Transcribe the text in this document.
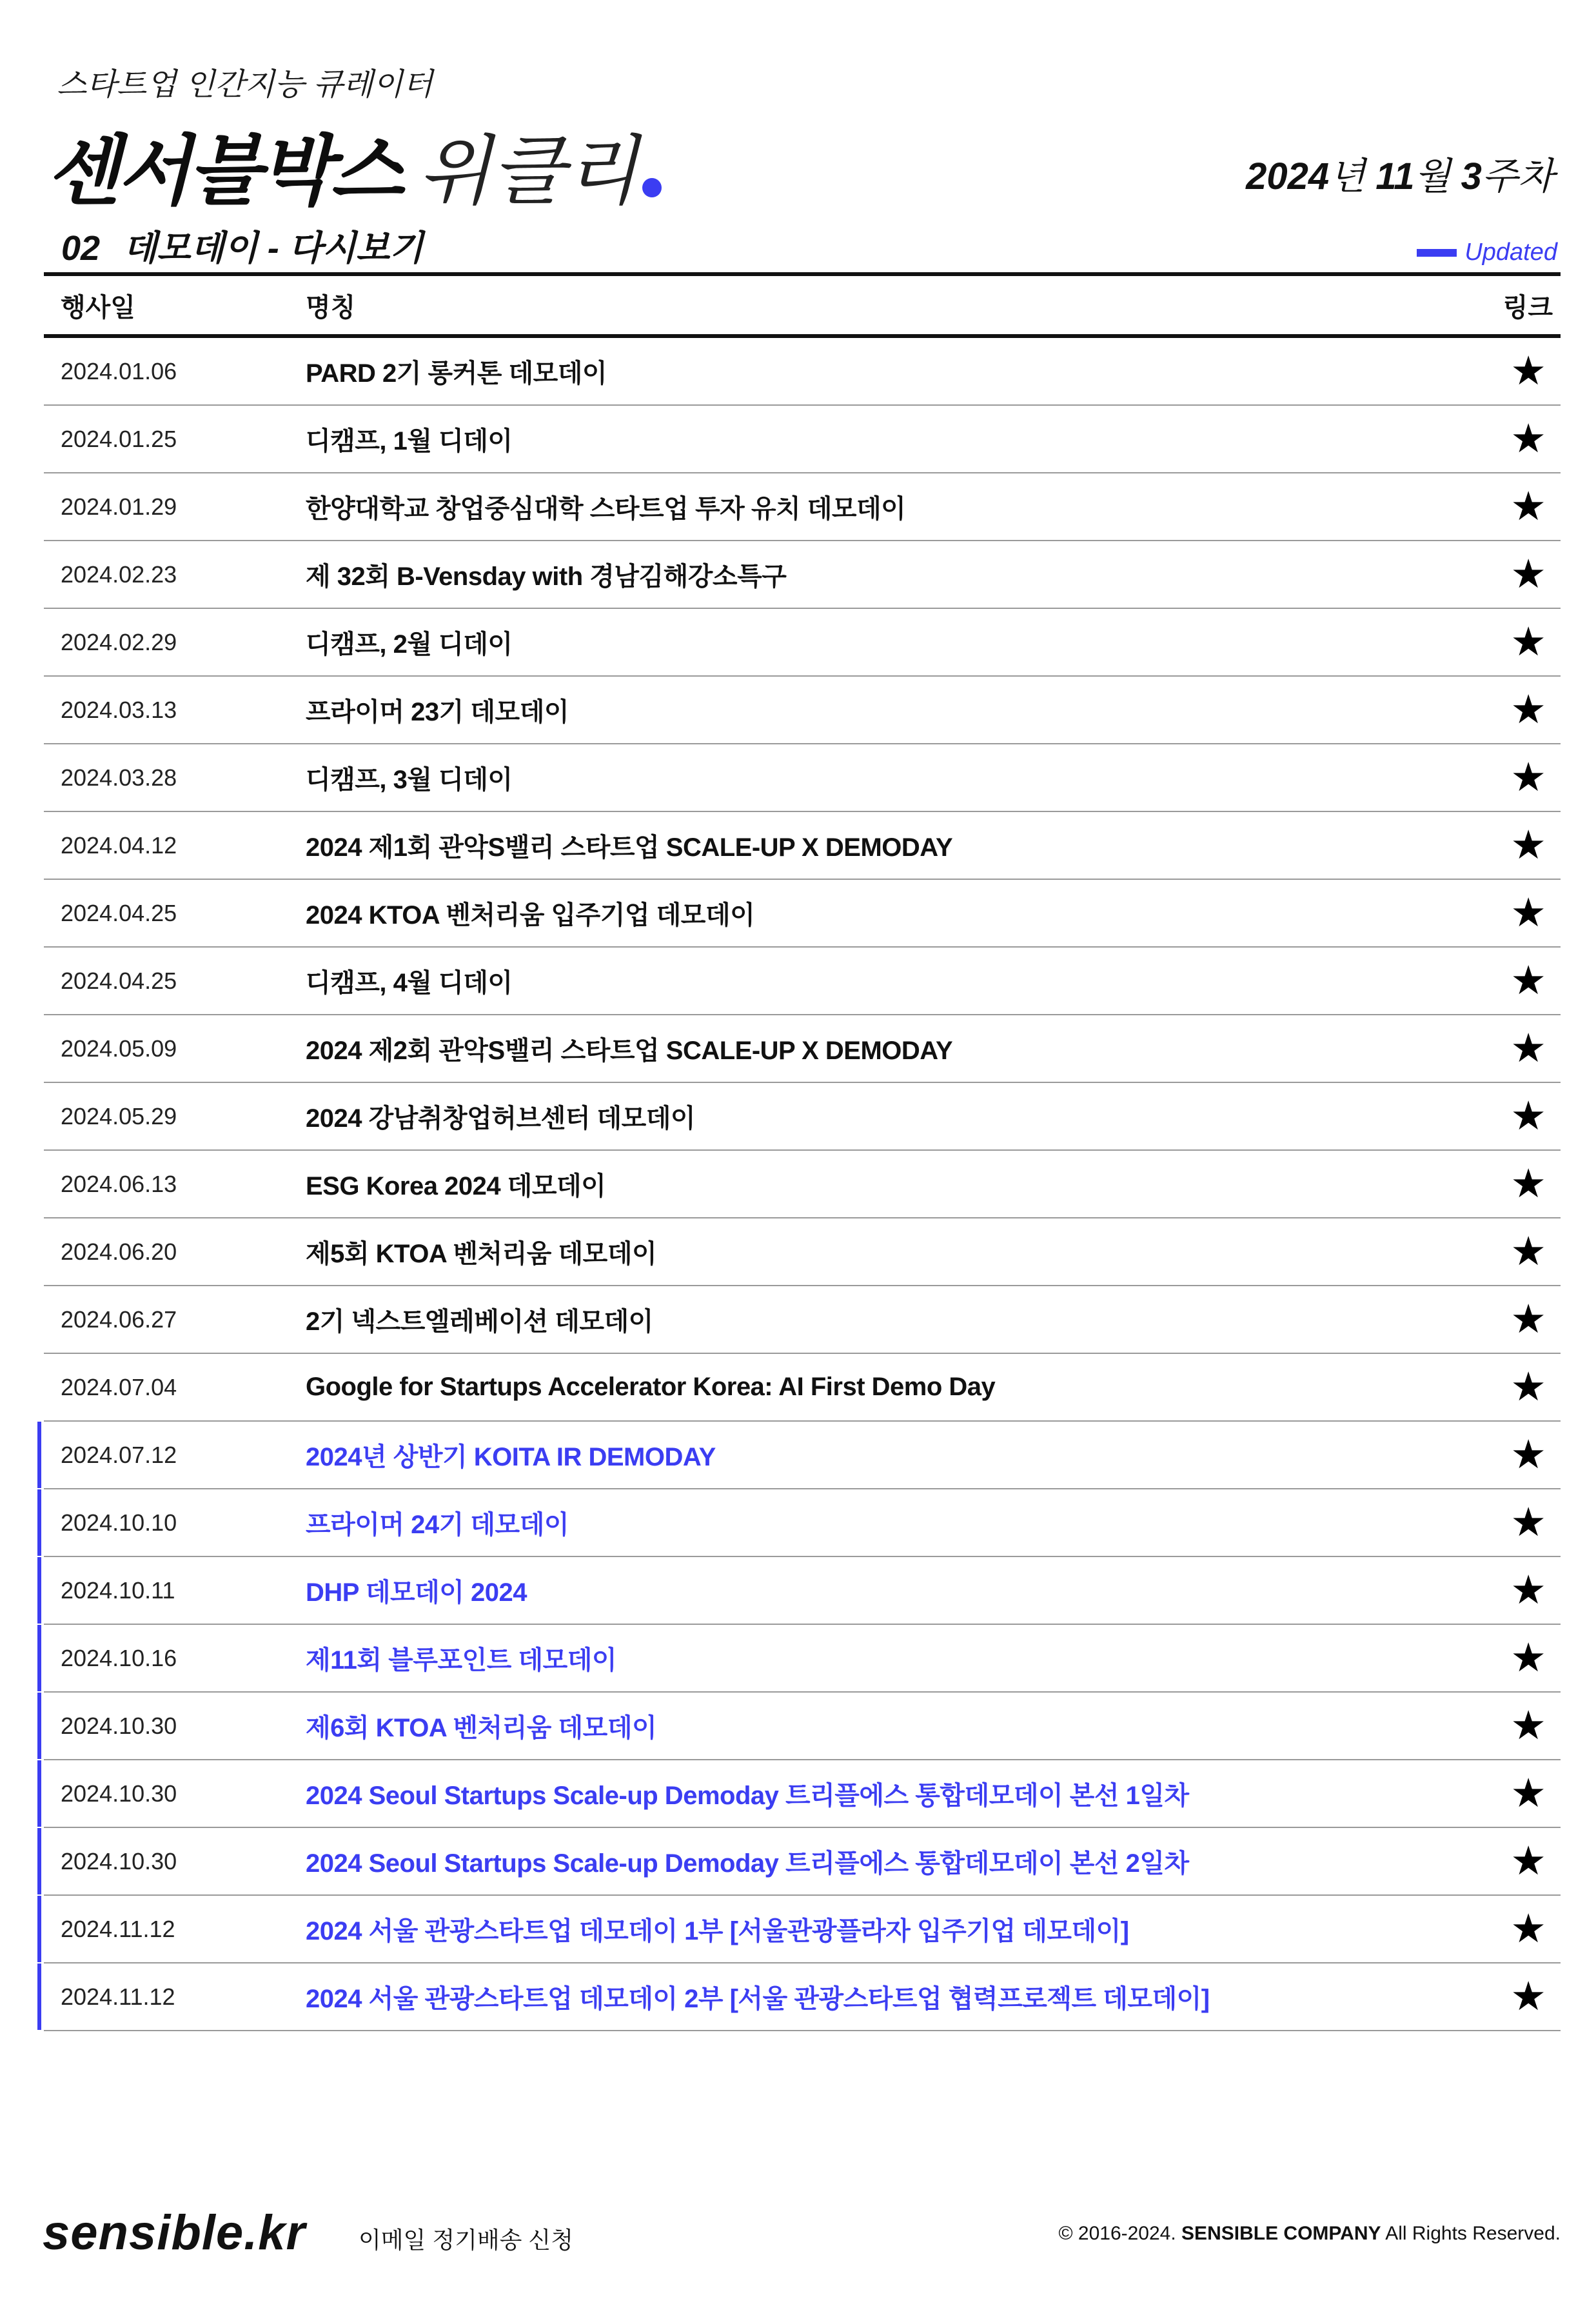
스타트업 인간지능 큐레이터
센서블박스 위클리	2024년 11월 3주차
02 데모데이 - 다시보기	Updated
행사일	명칭	링크
2024.01.06	PARD 2기 롱커톤 데모데이	★
2024.01.25	디캠프, 1월 디데이	★
2024.01.29	한양대학교 창업중심대학 스타트업 투자 유치 데모데이	★
2024.02.23	제 32회 B-Vensday with 경남김해강소특구	★
2024.02.29	디캠프, 2월 디데이	★
2024.03.13	프라이머 23기 데모데이	★
2024.03.28	디캠프, 3월 디데이	★
2024.04.12	2024 제1회 관악S밸리 스타트업 SCALE-UP X DEMODAY	★
2024.04.25	2024 KTOA 벤처리움 입주기업 데모데이	★
2024.04.25	디캠프, 4월 디데이	★
2024.05.09	2024 제2회 관악S밸리 스타트업 SCALE-UP X DEMODAY	★
2024.05.29	2024 강남취창업허브센터 데모데이	★
2024.06.13	ESG Korea 2024 데모데이	★
2024.06.20	제5회 KTOA 벤처리움 데모데이	★
2024.06.27	2기 넥스트엘레베이션 데모데이	★
2024.07.04	Google for Startups Accelerator Korea: AI First Demo Day	★
2024.07.12	2024년 상반기 KOITA IR DEMODAY	★
2024.10.10	프라이머 24기 데모데이	★
2024.10.11	DHP 데모데이 2024	★
2024.10.16	제11회 블루포인트 데모데이	★
2024.10.30	제6회 KTOA 벤처리움 데모데이	★
2024.10.30	2024 Seoul Startups Scale-up Demoday 트리플에스 통합데모데이 본선 1일차	★
2024.10.30	2024 Seoul Startups Scale-up Demoday 트리플에스 통합데모데이 본선 2일차	★
2024.11.12	2024 서울 관광스타트업 데모데이 1부 [서울관광플라자 입주기업 데모데이]	★
2024.11.12	2024 서울 관광스타트업 데모데이 2부 [서울 관광스타트업 협력프로젝트 데모데이]	★
sensible.kr 이메일 정기배송 신청	© 2016-2024. SENSIBLE COMPANY All Rights Reserved.
